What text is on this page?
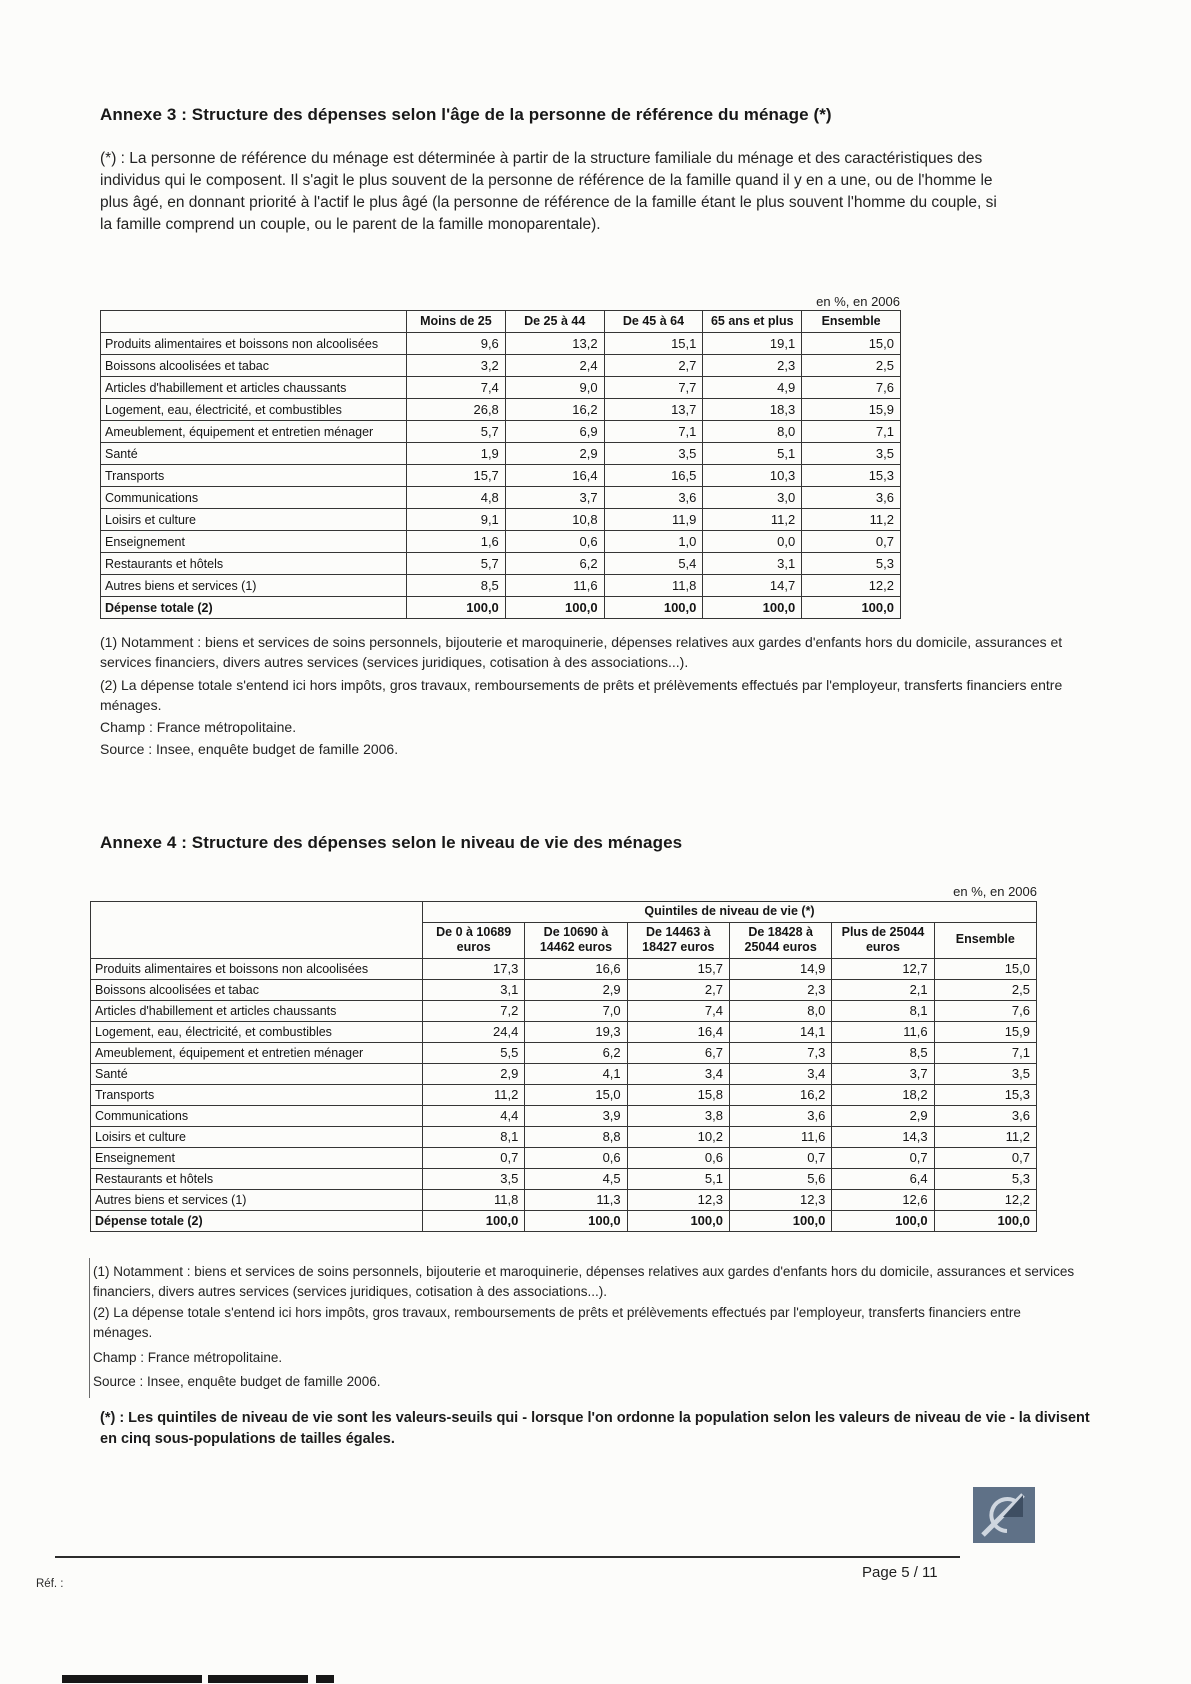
Annexe 3 : Structure des dépenses selon l'âge de la personne de référence du ménage (*)
(*) : La personne de référence du ménage est déterminée à partir de la structure familiale du ménage et des caractéristiques des individus qui le composent. Il s'agit le plus souvent de la personne de référence de la famille quand il y en a une, ou de l'homme le plus âgé, en donnant priorité à l'actif le plus âgé (la personne de référence de la famille étant le plus souvent l'homme du couple, si la famille comprend un couple, ou le parent de la famille monoparentale).
en %, en 2006
	Moins de 25	De 25 à 44	De 45 à 64	65 ans et plus	Ensemble
Produits alimentaires et boissons non alcoolisées	9,6	13,2	15,1	19,1	15,0
Boissons alcoolisées et tabac	3,2	2,4	2,7	2,3	2,5
Articles d'habillement et articles chaussants	7,4	9,0	7,7	4,9	7,6
Logement, eau, électricité, et combustibles	26,8	16,2	13,7	18,3	15,9
Ameublement, équipement et entretien ménager	5,7	6,9	7,1	8,0	7,1
Santé	1,9	2,9	3,5	5,1	3,5
Transports	15,7	16,4	16,5	10,3	15,3
Communications	4,8	3,7	3,6	3,0	3,6
Loisirs et culture	9,1	10,8	11,9	11,2	11,2
Enseignement	1,6	0,6	1,0	0,0	0,7
Restaurants et hôtels	5,7	6,2	5,4	3,1	5,3
Autres biens et services (1)	8,5	11,6	11,8	14,7	12,2
Dépense totale (2)	100,0	100,0	100,0	100,0	100,0
(1) Notamment : biens et services de soins personnels, bijouterie et maroquinerie, dépenses relatives aux gardes d'enfants hors du domicile, assurances et services financiers, divers autres services (services juridiques, cotisation à des associations...).
(2) La dépense totale s'entend ici hors impôts, gros travaux, remboursements de prêts et prélèvements effectués par l'employeur, transferts financiers entre ménages.
Champ : France métropolitaine.
Source : Insee, enquête budget de famille 2006.
Annexe 4 : Structure des dépenses selon le niveau de vie des ménages
en %, en 2006
	Quintiles de niveau de vie (*)					
	De 0 à 10689 euros	De 10690 à 14462 euros	De 14463 à 18427 euros	De 18428 à 25044 euros	Plus de 25044 euros	Ensemble
Produits alimentaires et boissons non alcoolisées	17,3	16,6	15,7	14,9	12,7	15,0
Boissons alcoolisées et tabac	3,1	2,9	2,7	2,3	2,1	2,5
Articles d'habillement et articles chaussants	7,2	7,0	7,4	8,0	8,1	7,6
Logement, eau, électricité, et combustibles	24,4	19,3	16,4	14,1	11,6	15,9
Ameublement, équipement et entretien ménager	5,5	6,2	6,7	7,3	8,5	7,1
Santé	2,9	4,1	3,4	3,4	3,7	3,5
Transports	11,2	15,0	15,8	16,2	18,2	15,3
Communications	4,4	3,9	3,8	3,6	2,9	3,6
Loisirs et culture	8,1	8,8	10,2	11,6	14,3	11,2
Enseignement	0,7	0,6	0,6	0,7	0,7	0,7
Restaurants et hôtels	3,5	4,5	5,1	5,6	6,4	5,3
Autres biens et services (1)	11,8	11,3	12,3	12,3	12,6	12,2
Dépense totale (2)	100,0	100,0	100,0	100,0	100,0	100,0
(1) Notamment : biens et services de soins personnels, bijouterie et maroquinerie, dépenses relatives aux gardes d'enfants hors du domicile, assurances et services financiers, divers autres services (services juridiques, cotisation à des associations...).
(2) La dépense totale s'entend ici hors impôts, gros travaux, remboursements de prêts et prélèvements effectués par l'employeur, transferts financiers entre ménages.
Champ : France métropolitaine.
Source : Insee, enquête budget de famille 2006.
(*) : Les quintiles de niveau de vie sont les valeurs-seuils qui - lorsque l'on ordonne la population selon les valeurs de niveau de vie - la divisent en cinq sous-populations de tailles égales.
Réf. :
Page 5 / 11
